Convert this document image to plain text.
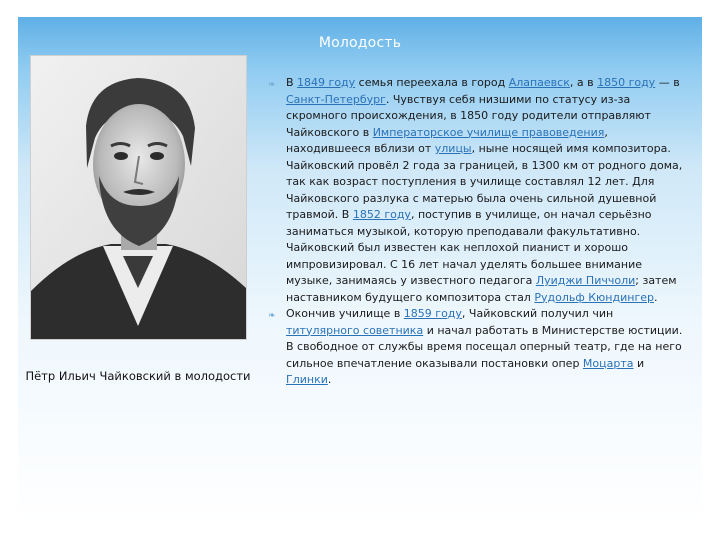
Молодость
Пётр Ильич Чайковский в молодости
❧ В 1849 году семья переехала в город Алапаевск, а в 1850 году — в Санкт-Петербург. Чувствуя себя низшими по статусу из-за скромного происхождения, в 1850 году родители отправляют Чайковского в Императорское училище правоведения, находившееся вблизи от улицы, ныне носящей имя композитора. Чайковский провёл 2 года за границей, в 1300 км от родного дома, так как возраст поступления в училище составлял 12 лет. Для Чайковского разлука с матерью была очень сильной душевной травмой. В 1852 году, поступив в училище, он начал серьёзно заниматься музыкой, которую преподавали факультативно. Чайковский был известен как неплохой пианист и хорошо импровизировал. С 16 лет начал уделять большее внимание музыке, занимаясь у известного педагога Луиджи Пиччоли; затем наставником будущего композитора стал Рудольф Кюндингер.
❧ Окончив училище в 1859 году, Чайковский получил чин титулярного советника и начал работать в Министерстве юстиции. В свободное от службы время посещал оперный театр, где на него сильное впечатление оказывали постановки опер Моцарта и Глинки.
